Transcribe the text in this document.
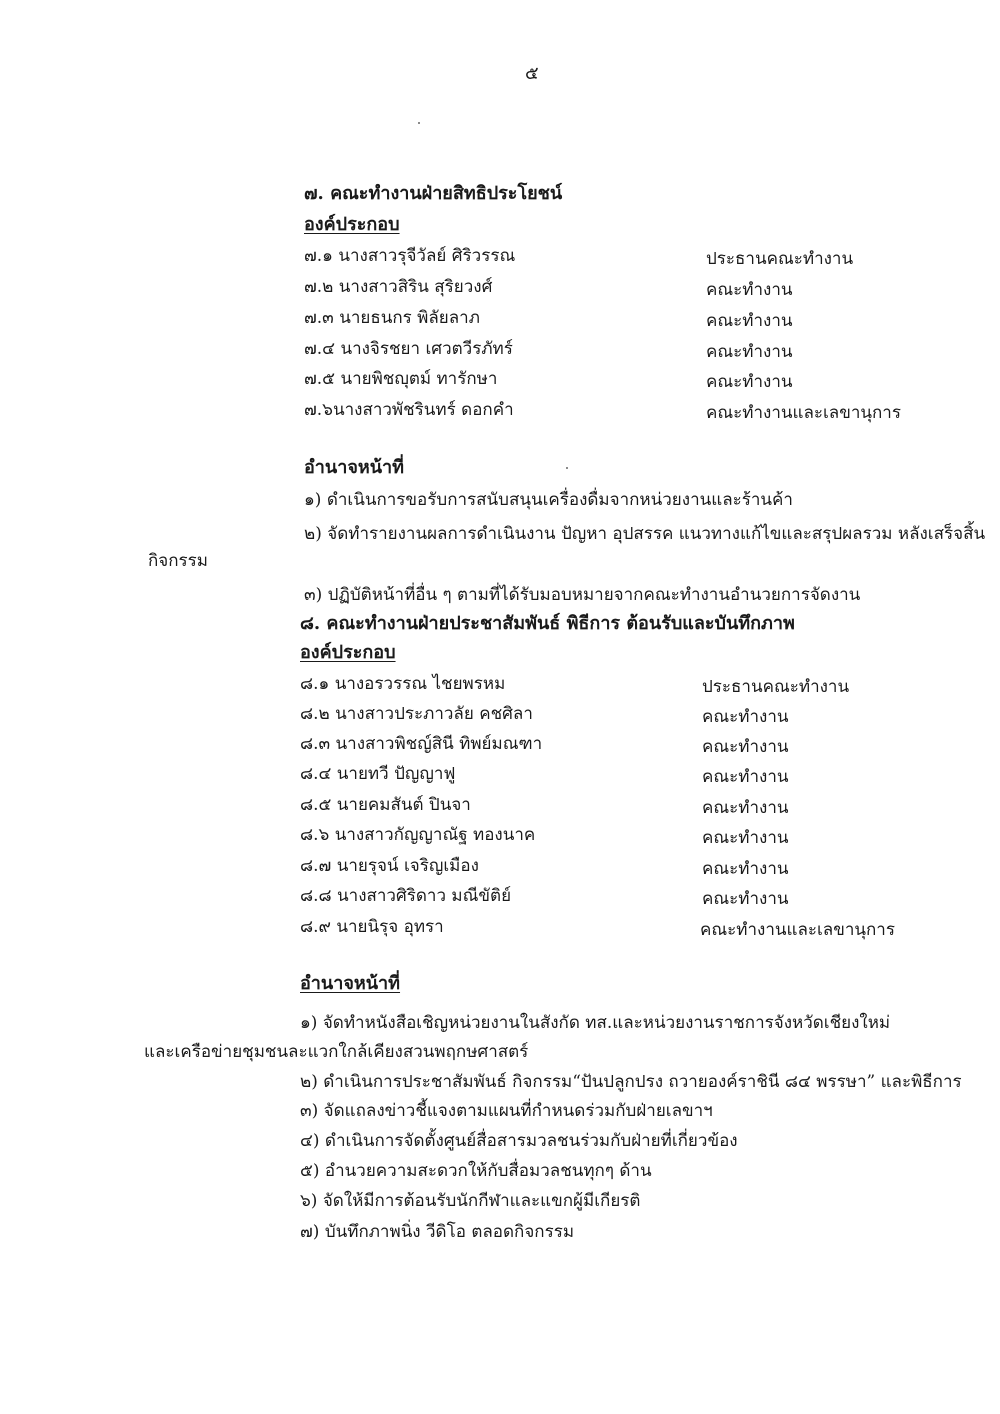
๕
๗. คณะทำงานฝ่ายสิทธิประโยชน์
องค์ประกอบ
๗.๑ นางสาวรุจีวัลย์ ศิริวรรณ	ประธานคณะทำงาน
๗.๒ นางสาวสิริน สุริยวงศ์	คณะทำงาน
๗.๓ นายธนกร พิลัยลาภ	คณะทำงาน
๗.๔ นางจิรชยา เศวตวีรภัทร์	คณะทำงาน
๗.๕ นายพิชญุตม์ ทารักษา	คณะทำงาน
๗.๖นางสาวพัชรินทร์ ดอกคำ	คณะทำงานและเลขานุการ
อำนาจหน้าที่
๑) ดำเนินการขอรับการสนับสนุนเครื่องดื่มจากหน่วยงานและร้านค้า
๒) จัดทำรายงานผลการดำเนินงาน ปัญหา อุปสรรค แนวทางแก้ไขและสรุปผลรวม หลังเสร็จสิ้น
กิจกรรม
๓) ปฏิบัติหน้าที่อื่น ๆ ตามที่ได้รับมอบหมายจากคณะทำงานอำนวยการจัดงาน
๘. คณะทำงานฝ่ายประชาสัมพันธ์ พิธีการ ต้อนรับและบันทึกภาพ
องค์ประกอบ
๘.๑ นางอรวรรณ ไชยพรหม	ประธานคณะทำงาน
๘.๒ นางสาวประภาวลัย คชศิลา	คณะทำงาน
๘.๓ นางสาวพิชญ์สินี ทิพย์มณฑา	คณะทำงาน
๘.๔ นายทวี ปัญญาฟู	คณะทำงาน
๘.๕ นายคมสันต์ ปินจา	คณะทำงาน
๘.๖ นางสาวกัญญาณัฐ ทองนาค	คณะทำงาน
๘.๗ นายรุจน์ เจริญเมือง	คณะทำงาน
๘.๘ นางสาวศิริดาว มณีขัติย์	คณะทำงาน
๘.๙ นายนิรุจ อุทรา	คณะทำงานและเลขานุการ
อำนาจหน้าที่
๑) จัดทำหนังสือเชิญหน่วยงานในสังกัด ทส.และหน่วยงานราชการจังหวัดเชียงใหม่
และเครือข่ายชุมชนละแวกใกล้เคียงสวนพฤกษศาสตร์
๒) ดำเนินการประชาสัมพันธ์ กิจกรรม“ปันปลูกปรง ถวายองค์ราชินี ๘๔ พรรษา” และพิธีการ
๓) จัดแถลงข่าวชี้แจงตามแผนที่กำหนดร่วมกับฝ่ายเลขาฯ
๔) ดำเนินการจัดตั้งศูนย์สื่อสารมวลชนร่วมกับฝ่ายที่เกี่ยวข้อง
๕) อำนวยความสะดวกให้กับสื่อมวลชนทุกๆ ด้าน
๖) จัดให้มีการต้อนรับนักกีฬาและแขกผู้มีเกียรติ
๗) บันทึกภาพนิ่ง วีดิโอ ตลอดกิจกรรม
